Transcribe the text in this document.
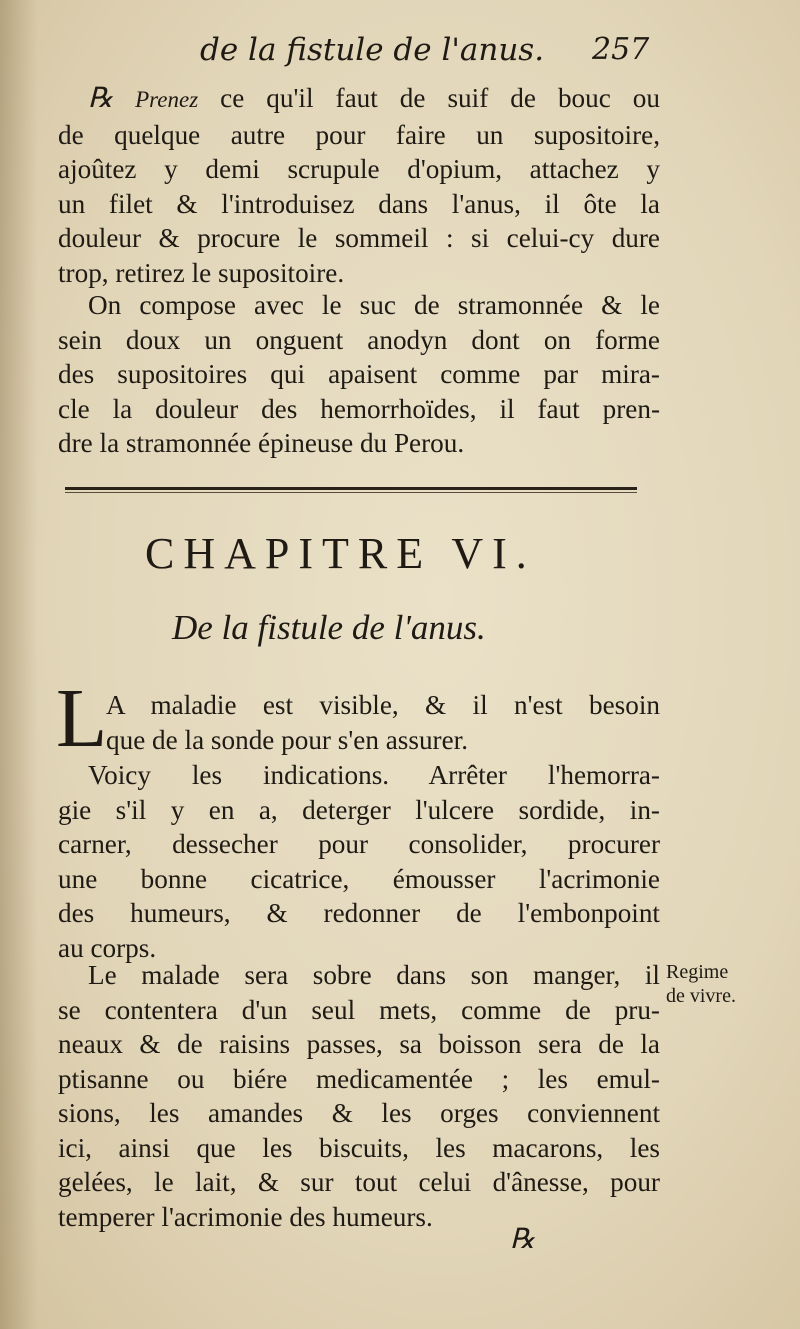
de la fistule de l'anus. 257
℞ Prenez ce qu'il faut de suif de bouc ou
de quelque autre pour faire un supositoire,
ajoûtez y demi scrupule d'opium, attachez y
un filet & l'introduisez dans l'anus, il ôte la
douleur & procure le sommeil : si celui-cy dure
trop, retirez le supositoire.
On compose avec le suc de stramonnée & le
sein doux un onguent anodyn dont on forme
des supositoires qui apaisent comme par mira-
cle la douleur des hemorrhoïdes, il faut pren-
dre la stramonnée épineuse du Perou.
CHAPITRE VI.
De la fistule de l'anus.
L
A maladie est visible, & il n'est besoin
que de la sonde pour s'en assurer.
Voicy les indications. Arrêter l'hemorra-
gie s'il y en a, deterger l'ulcere sordide, in-
carner, dessecher pour consolider, procurer
une bonne cicatrice, émousser l'acrimonie
des humeurs, & redonner de l'embonpoint
au corps.
Le malade sera sobre dans son manger, il
se contentera d'un seul mets, comme de pru-
neaux & de raisins passes, sa boisson sera de la
ptisanne ou biére medicamentée ; les emul-
sions, les amandes & les orges conviennent
ici, ainsi que les biscuits, les macarons, les
gelées, le lait, & sur tout celui d'ânesse, pour
temperer l'acrimonie des humeurs.
Regime
de vivre.
℞
